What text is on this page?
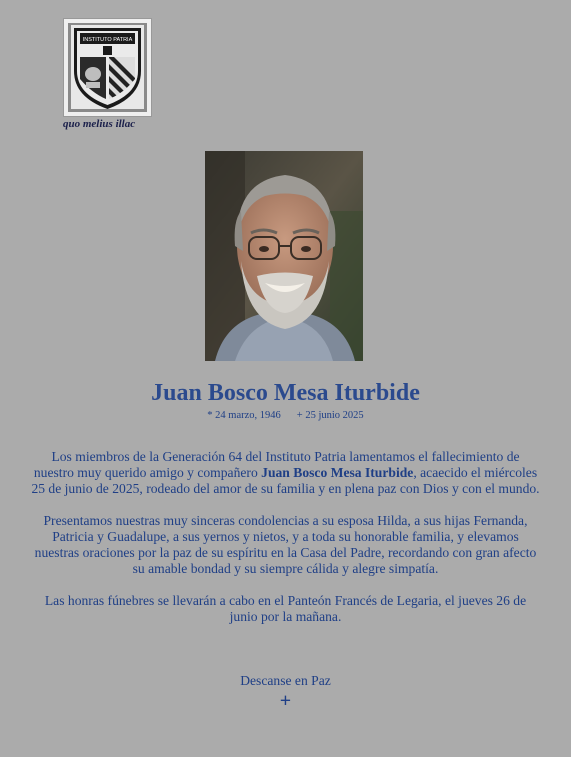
INSTITUTO PATRIA
quo melius illac
Juan Bosco Mesa Iturbide
* 24 marzo, 1946 + 25 junio 2025

Los miembros de la Generación 64 del Instituto Patria lamentamos el fallecimiento de nuestro muy querido amigo y compañero Juan Bosco Mesa Iturbide, acaecido el miércoles 25 de junio de 2025, rodeado del amor de su familia y en plena paz con Dios y con el mundo.

Presentamos nuestras muy sinceras condolencias a su esposa Hilda, a sus hijas Fernanda, Patricia y Guadalupe, a sus yernos y nietos, y a toda su honorable familia, y elevamos nuestras oraciones por la paz de su espíritu en la Casa del Padre, recordando con gran afecto su amable bondad y su siempre cálida y alegre simpatía.

Las honras fúnebres se llevarán a cabo en el Panteón Francés de Legaria, el jueves 26 de junio por la mañana.

Descanse en Paz
+
